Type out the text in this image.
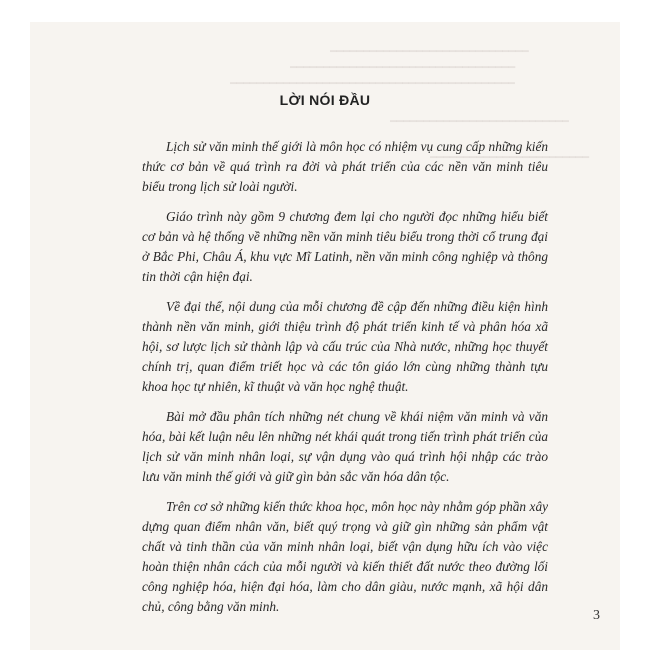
━━━━━━━━━━━━━━━━━━━━━━━━━━━━━━
━━━━━━━━━━━━━━━━━━━━━━━━━━━━━━━━━━
━━━━━━━━━━━━━━━━━━━━━━━━━━━━━━━━━━━━━━━━━━━
━━━━━━━━━━━━━━━━━━━━━━━━━━━
━━━━━━━━━━━━━━━━━━━━━━━━
LỜI NÓI ĐẦU

Lịch sử văn minh thế giới là môn học có nhiệm vụ cung cấp những kiến thức cơ bản về quá trình ra đời và phát triển của các nền văn minh tiêu biểu trong lịch sử loài người.

Giáo trình này gồm 9 chương đem lại cho người đọc những hiểu biết cơ bản và hệ thống về những nền văn minh tiêu biểu trong thời cổ trung đại ở Bắc Phi, Châu Á, khu vực Mĩ Latinh, nền văn minh công nghiệp và thông tin thời cận hiện đại.

Về đại thể, nội dung của mỗi chương đề cập đến những điều kiện hình thành nền văn minh, giới thiệu trình độ phát triển kinh tế và phân hóa xã hội, sơ lược lịch sử thành lập và cấu trúc của Nhà nước, những học thuyết chính trị, quan điểm triết học và các tôn giáo lớn cùng những thành tựu khoa học tự nhiên, kĩ thuật và văn học nghệ thuật.

Bài mở đầu phân tích những nét chung về khái niệm văn minh và văn hóa, bài kết luận nêu lên những nét khái quát trong tiến trình phát triển của lịch sử văn minh nhân loại, sự vận dụng vào quá trình hội nhập các trào lưu văn minh thế giới và giữ gìn bản sắc văn hóa dân tộc.

Trên cơ sở những kiến thức khoa học, môn học này nhằm góp phần xây dựng quan điểm nhân văn, biết quý trọng và giữ gìn những sản phẩm vật chất và tinh thần của văn minh nhân loại, biết vận dụng hữu ích vào việc hoàn thiện nhân cách của mỗi người và kiến thiết đất nước theo đường lối công nghiệp hóa, hiện đại hóa, làm cho dân giàu, nước mạnh, xã hội dân chủ, công bằng văn minh.

3
